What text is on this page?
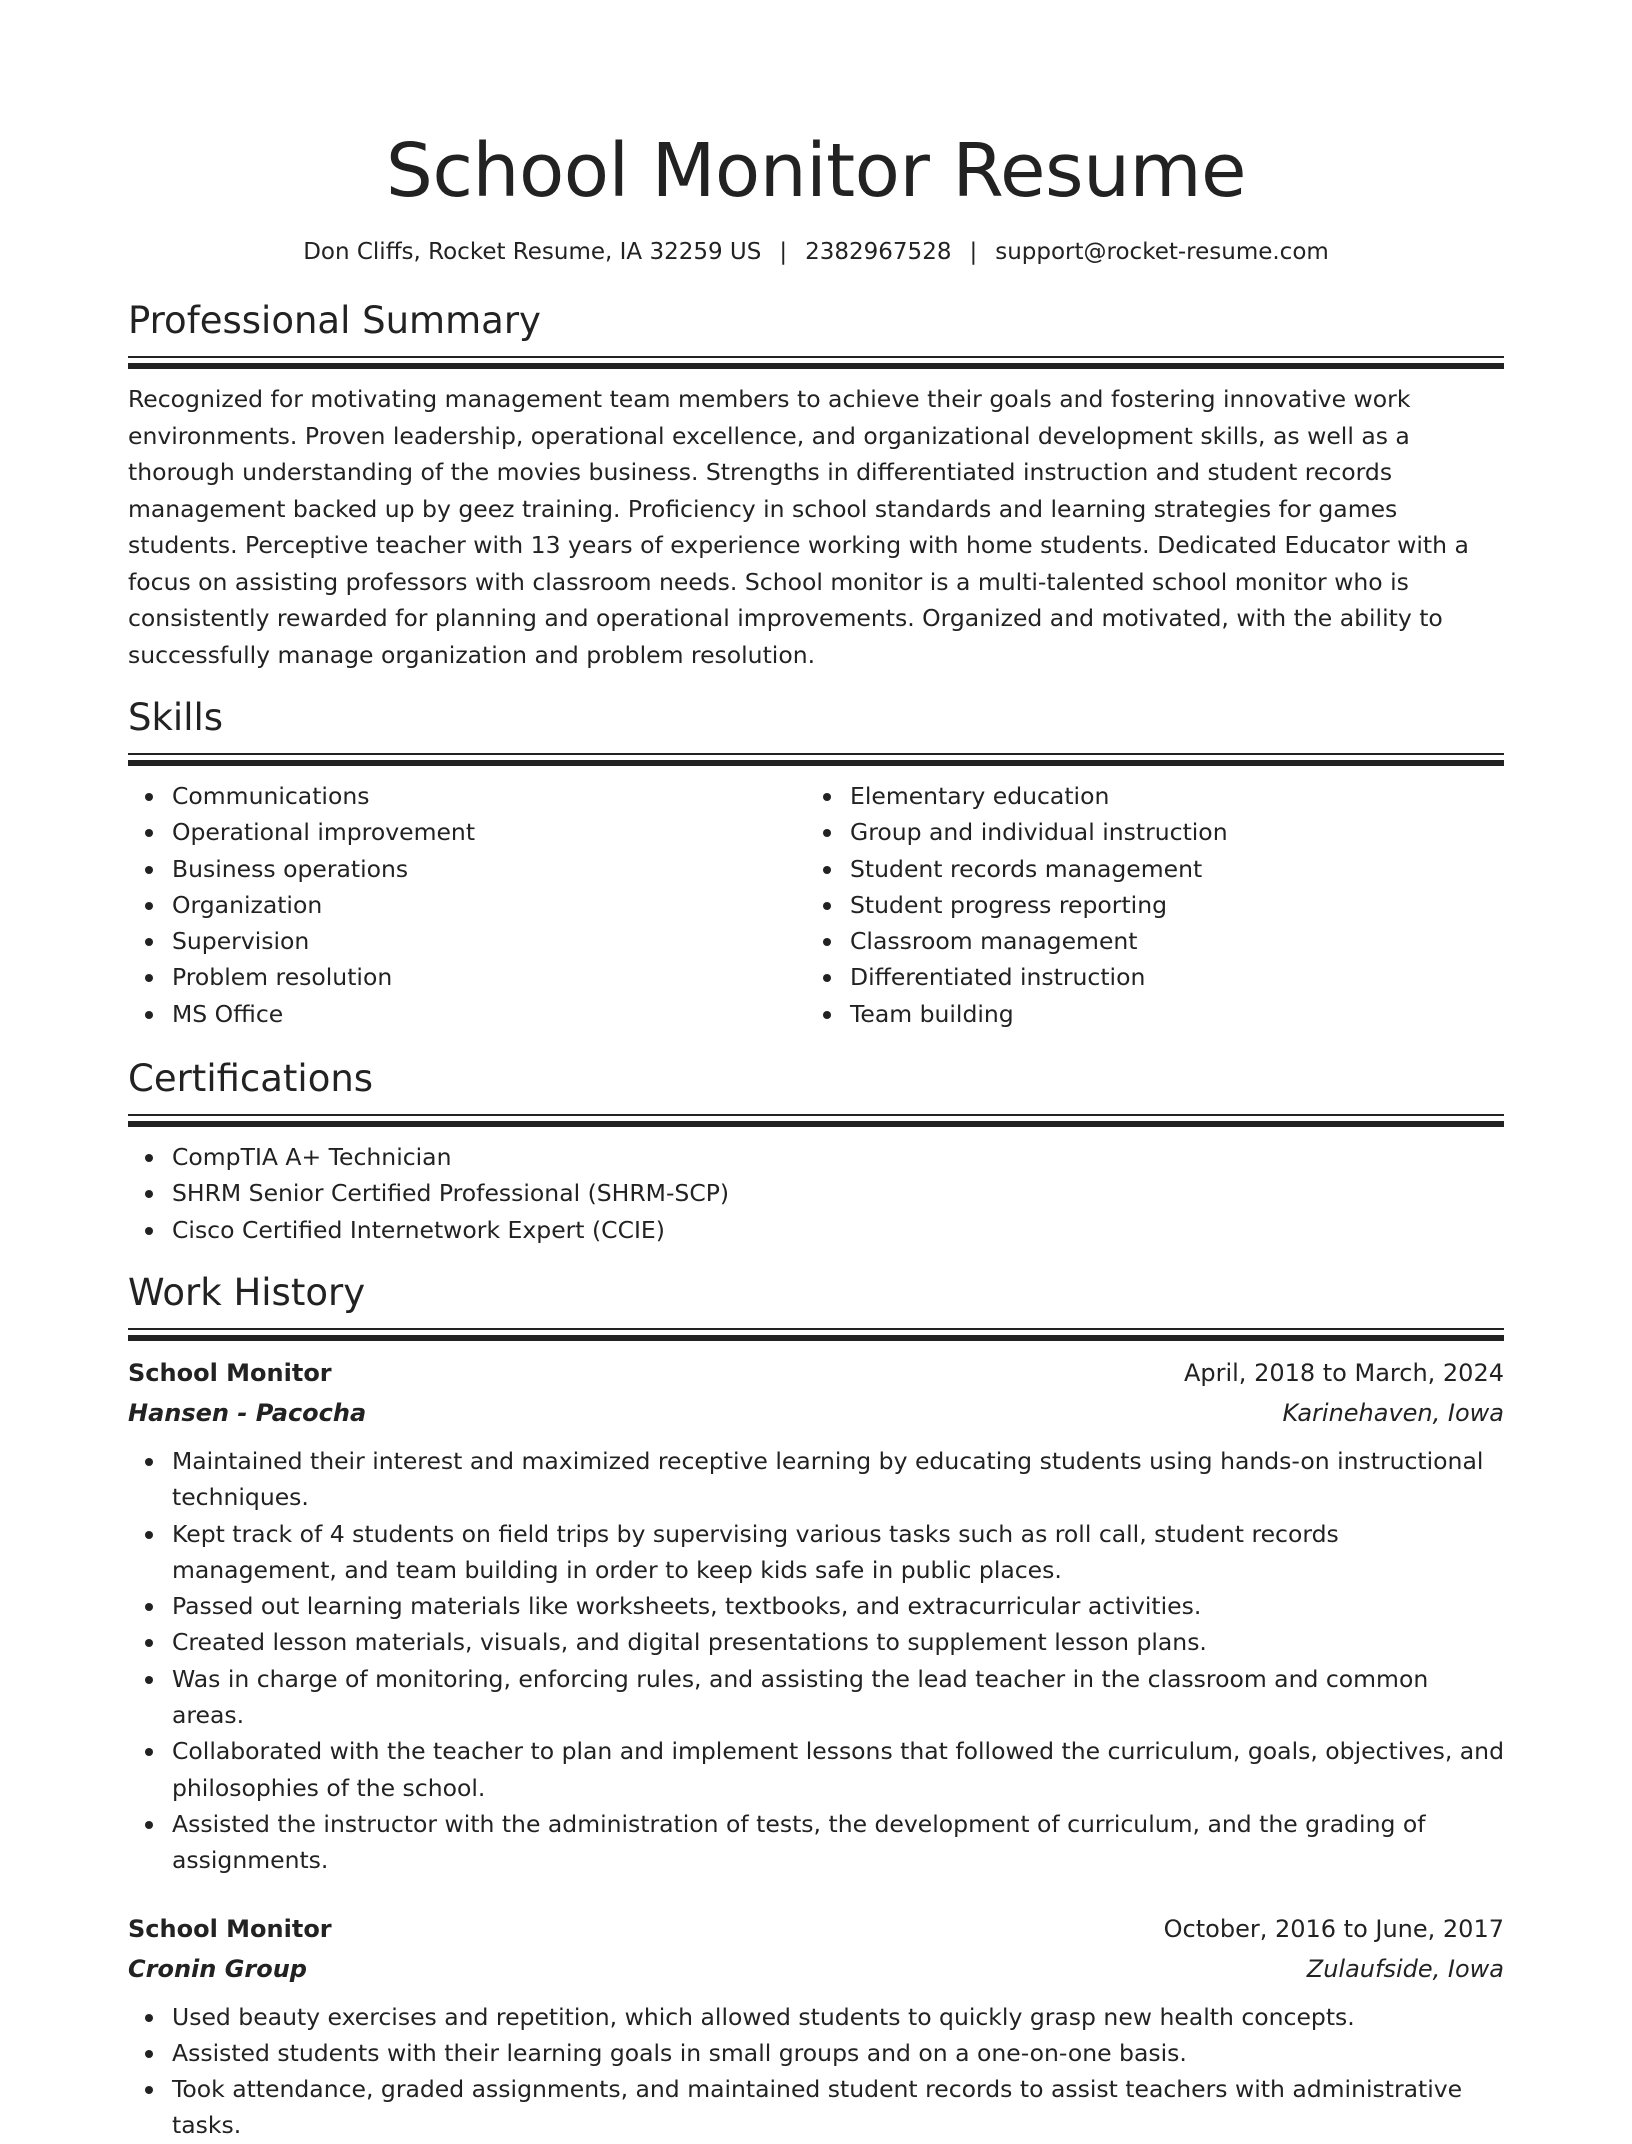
School Monitor Resume
Don Cliffs, Rocket Resume, IA 32259 US | 2382967528 | support@rocket-resume.com
Professional Summary

Recognized for motivating management team members to achieve their goals and fostering innovative work environments. Proven leadership, operational excellence, and organizational development skills, as well as a thorough understanding of the movies business. Strengths in differentiated instruction and student records management backed up by geez training. Proficiency in school standards and learning strategies for games students. Perceptive teacher with 13 years of experience working with home students. Dedicated Educator with a focus on assisting professors with classroom needs. School monitor is a multi-talented school monitor who is consistently rewarded for planning and operational improvements. Organized and motivated, with the ability to successfully manage organization and problem resolution.

Skills
Communications
Operational improvement
Business operations
Organization
Supervision
Problem resolution
MS Office
Elementary education
Group and individual instruction
Student records management
Student progress reporting
Classroom management
Differentiated instruction
Team building
Certifications
CompTIA A+ Technician
SHRM Senior Certified Professional (SHRM-SCP)
Cisco Certified Internetwork Expert (CCIE)
Work History
School Monitor	April, 2018 to March, 2024
Hansen - Pacocha	Karinehaven, Iowa
Maintained their interest and maximized receptive learning by educating students using hands-on instructional techniques.
Kept track of 4 students on field trips by supervising various tasks such as roll call, student records management, and team building in order to keep kids safe in public places.
Passed out learning materials like worksheets, textbooks, and extracurricular activities.
Created lesson materials, visuals, and digital presentations to supplement lesson plans.
Was in charge of monitoring, enforcing rules, and assisting the lead teacher in the classroom and common areas.
Collaborated with the teacher to plan and implement lessons that followed the curriculum, goals, objectives, and philosophies of the school.
Assisted the instructor with the administration of tests, the development of curriculum, and the grading of assignments.
School Monitor	October, 2016 to June, 2017
Cronin Group	Zulaufside, Iowa
Used beauty exercises and repetition, which allowed students to quickly grasp new health concepts.
Assisted students with their learning goals in small groups and on a one-on-one basis.
Took attendance, graded assignments, and maintained student records to assist teachers with administrative tasks.
